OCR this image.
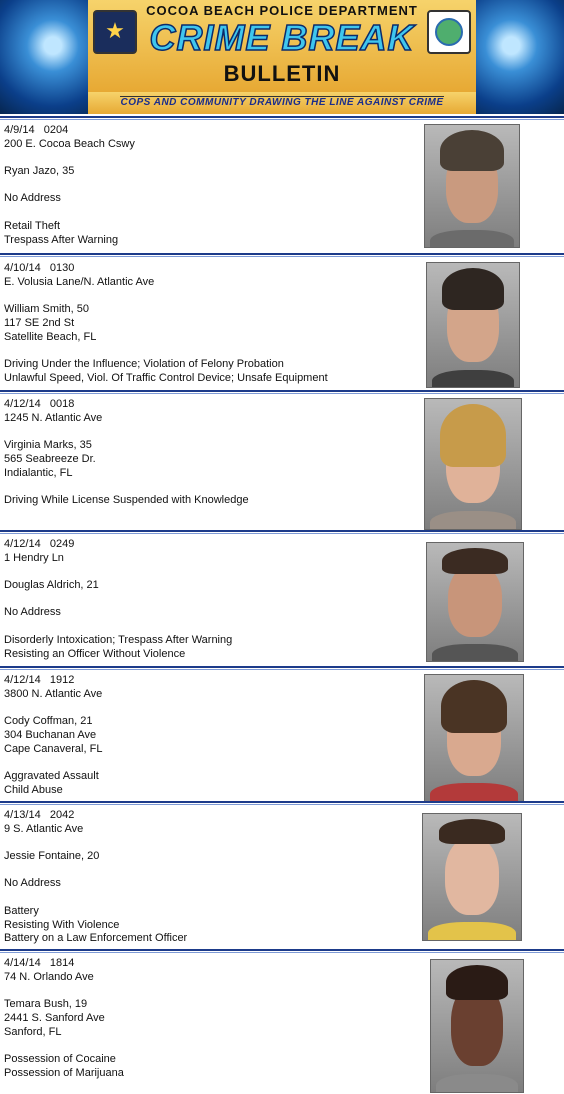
★
COCOA BEACH POLICE DEPARTMENT
CRIME BREAK
BULLETIN
COPS AND COMMUNITY DRAWING THE LINE AGAINST CRIME
4/9/14   0204
200 E. Cocoa Beach Cswy
Ryan Jazo, 35
No Address
Retail Theft
Trespass After Warning
4/10/14   0130
E. Volusia Lane/N. Atlantic Ave
William Smith, 50
117 SE 2nd St
Satellite Beach, FL
Driving Under the Influence; Violation of Felony Probation
Unlawful Speed, Viol. Of Traffic Control Device; Unsafe Equipment
4/12/14   0018
1245 N. Atlantic Ave
Virginia Marks, 35
565 Seabreeze Dr.
Indialantic, FL
Driving While License Suspended with Knowledge
4/12/14   0249
1 Hendry Ln
Douglas Aldrich, 21
No Address
Disorderly Intoxication; Trespass After Warning
Resisting an Officer Without Violence
4/12/14   1912
3800 N. Atlantic Ave
Cody Coffman, 21
304 Buchanan Ave
Cape Canaveral, FL
Aggravated Assault
Child Abuse
4/13/14   2042
9 S. Atlantic Ave
Jessie Fontaine, 20
No Address
Battery
Resisting With Violence
Battery on a Law Enforcement Officer
4/14/14   1814
74 N. Orlando Ave
Temara Bush, 19
2441 S. Sanford Ave
Sanford, FL
Possession of Cocaine
Possession of Marijuana
